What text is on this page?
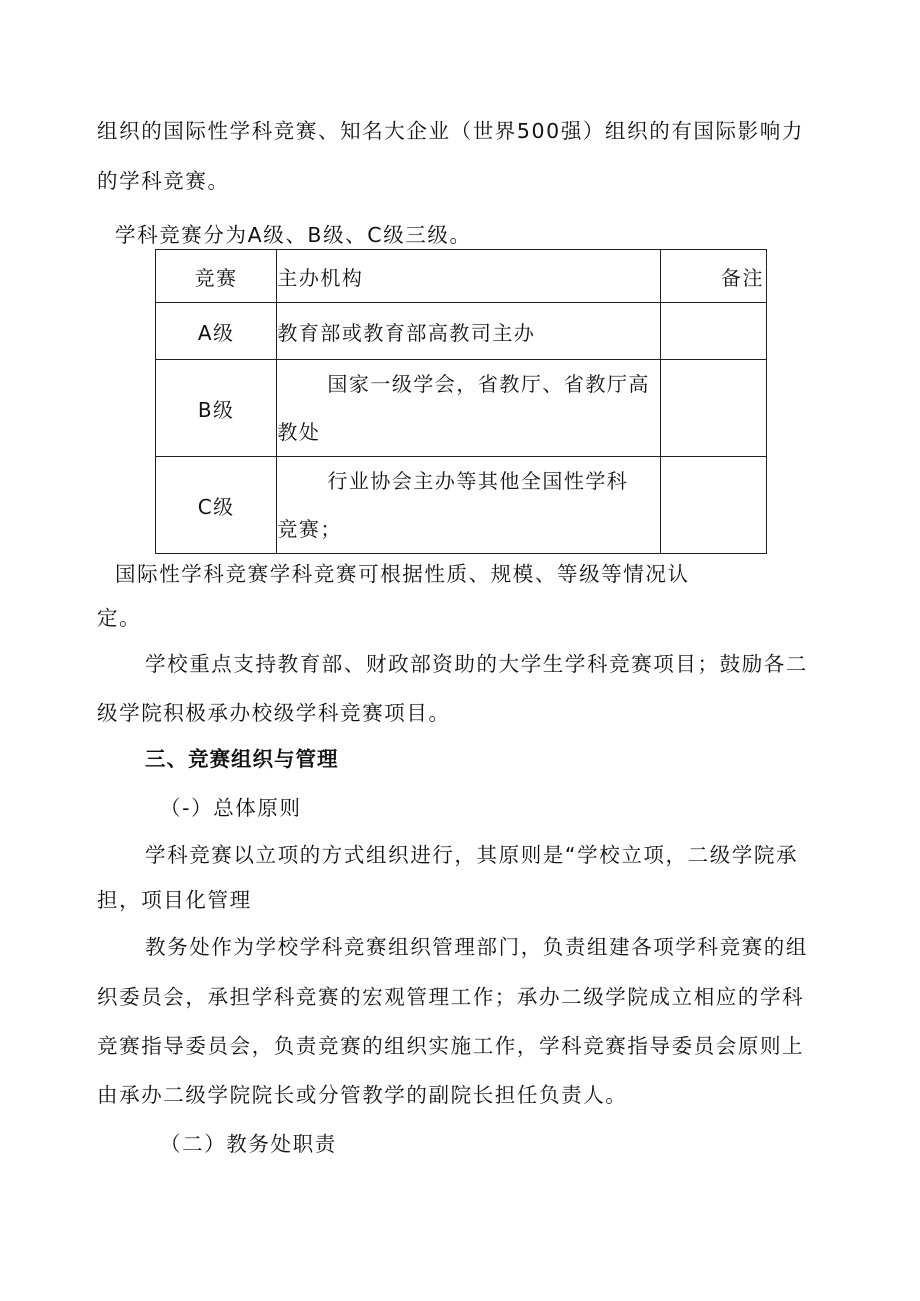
组织的国际性学科竞赛、知名大企业（世界500强）组织的有国际影响力
的学科竞赛。
学科竞赛分为A级、B级、C级三级。
竞赛	主办机构	备注
A级	教育部或教育部高教司主办	
B级	国家一级学会，省教厅、省教厅高教处	

C级	行业协会主办等其他全国性学科竞赛；	

国际性学科竞赛学科竞赛可根据性质、规模、等级等情况认
定。
学校重点支持教育部、财政部资助的大学生学科竞赛项目；鼓励各二
级学院积极承办校级学科竞赛项目。
三、竞赛组织与管理
（-）总体原则
学科竞赛以立项的方式组织进行，其原则是“学校立项，二级学院承
担，项目化管理
教务处作为学校学科竞赛组织管理部门，负责组建各项学科竞赛的组
织委员会，承担学科竞赛的宏观管理工作；承办二级学院成立相应的学科
竞赛指导委员会，负责竞赛的组织实施工作，学科竞赛指导委员会原则上
由承办二级学院院长或分管教学的副院长担任负责人。
（二）教务处职责
